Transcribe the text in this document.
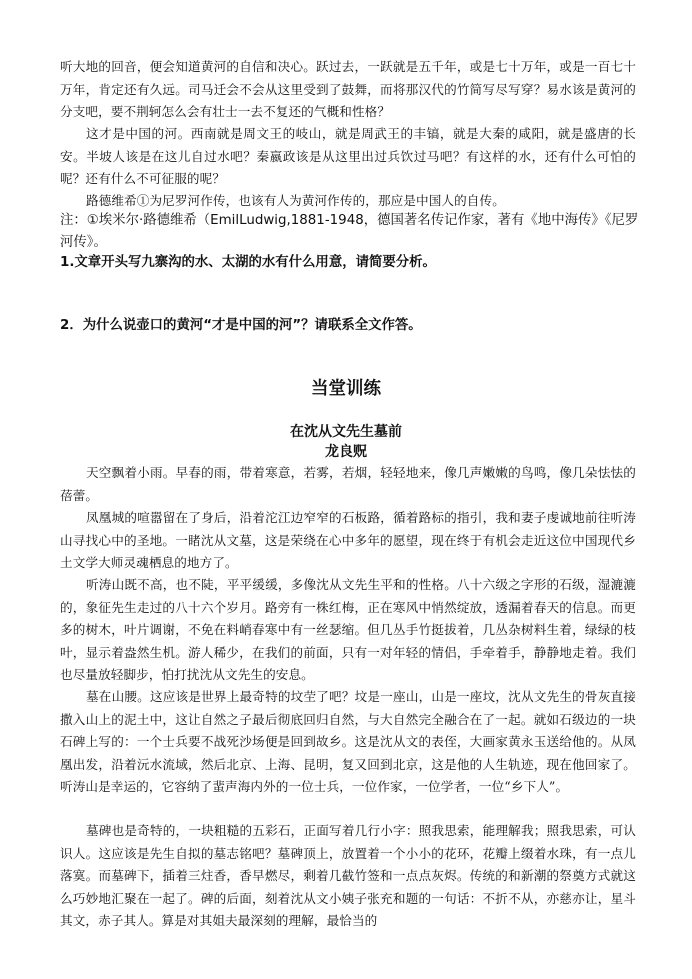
听大地的回音，便会知道黄河的自信和决心。跃过去，一跃就是五千年，或是七十万年，或是一百七十万年，肯定还有久远。司马迁会不会从这里受到了鼓舞，而将那汉代的竹简写尽写穿？易水该是黄河的分支吧，要不荆轲怎么会有壮士一去不复还的气概和性格？

这才是中国的河。西南就是周文王的岐山，就是周武王的丰镐，就是大秦的咸阳，就是盛唐的长安。半坡人该是在这儿自过水吧？秦嬴政该是从这里出过兵饮过马吧？有这样的水，还有什么可怕的呢？还有什么不可征服的呢？

路德维希①为尼罗河作传，也该有人为黄河作传的，那应是中国人的自传。

注：①埃米尔·路德维希（EmilLudwig,1881-1948，德国著名传记作家，著有《地中海传》《尼罗河传》。

1.文章开头写九寨沟的水、太湖的水有什么用意，请简要分析。

2．为什么说壶口的黄河“才是中国的河”？请联系全文作答。

当堂训练
在沈从文先生墓前
龙良贶

天空飘着小雨。早春的雨，带着寒意，若雾，若烟，轻轻地来，像几声嫩嫩的鸟鸣，像几朵怯怯的蓓蕾。

凤凰城的喧嚣留在了身后，沿着沱江边窄窄的石板路，循着路标的指引，我和妻子虔诚地前往听涛山寻找心中的圣地。一睹沈从文墓，这是荣绕在心中多年的愿望，现在终于有机会走近这位中国现代乡土文学大师灵魂栖息的地方了。

听涛山既不高，也不陡，平平缓缓，多像沈从文先生平和的性格。八十六级之字形的石级，湿漉漉的，象征先生走过的八十六个岁月。路旁有一株红梅，正在寒风中悄然绽放，透漏着春天的信息。而更多的树木，叶片调谢，不免在料峭春寒中有一丝瑟缩。但几丛手竹挺拔着，几丛杂树料生着，绿绿的枝叶，显示着盎然生机。游人稀少，在我们的前面，只有一对年轻的情侣，手牵着手，静静地走着。我们也尽量放轻脚步，怕打扰沈从文先生的安息。

墓在山腰。这应该是世界上最奇特的坟茔了吧？坟是一座山，山是一座坟，沈从文先生的骨灰直接撒入山上的泥土中，这让自然之子最后彻底回归自然，与大自然完全融合在了一起。就如石级边的一块石碑上写的：一个士兵要不战死沙场便是回到故乡。这是沈从文的表侄，大画家黄永玉送给他的。从凤凰出发，沿着沅水流域，然后北京、上海、昆明，复又回到北京，这是他的人生轨迹，现在他回家了。听涛山是幸运的，它容纳了蜚声海内外的一位士兵，一位作家，一位学者，一位“乡下人”。

墓碑也是奇特的，一块粗糙的五彩石，正面写着几行小字：照我思索，能理解我；照我思索，可认识人。这应该是先生自拟的墓志铭吧？墓碑顶上，放置着一个小小的花环，花瓣上缀着水珠，有一点儿落寞。而墓碑下，插着三炷香，香早燃尽，剩着几截竹签和一点点灰烬。传统的和新潮的祭奠方式就这么巧妙地汇聚在一起了。碑的后面，刻着沈从文小姨子张充和题的一句话：不折不从，亦慈亦让，星斗其文，赤子其人。算是对其姐夫最深刻的理解，最恰当的
